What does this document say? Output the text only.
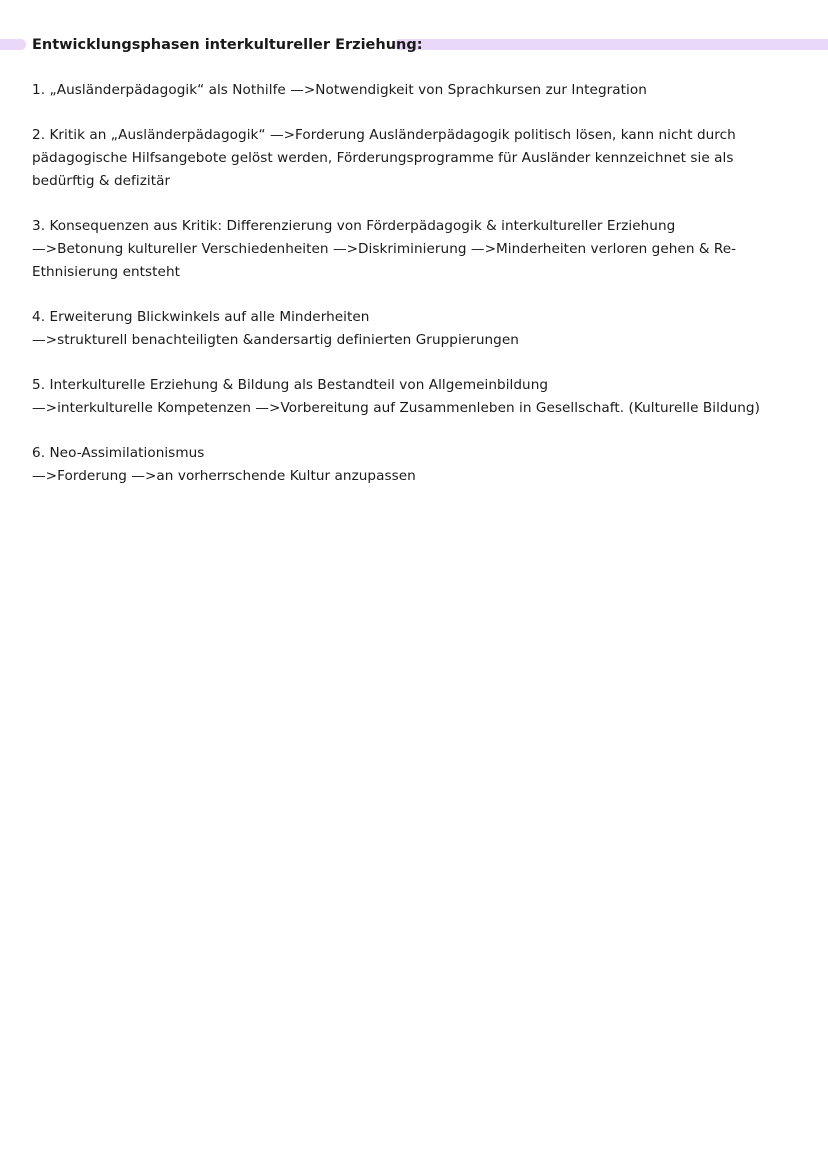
Entwicklungsphasen interkultureller Erziehung:
1. „Ausländerpädagogik“ als Nothilfe —>Notwendigkeit von Sprachkursen zur Integration
2. Kritik an „Ausländerpädagogik“ —>Forderung Ausländerpädagogik politisch lösen, kann nicht durch
pädagogische Hilfsangebote gelöst werden, Förderungsprogramme für Ausländer kennzeichnet sie als
bedürftig & defizitär
3. Konsequenzen aus Kritik: Differenzierung von Förderpädagogik & interkultureller Erziehung
—>Betonung kultureller Verschiedenheiten —>Diskriminierung —>Minderheiten verloren gehen & Re-
Ethnisierung entsteht
4. Erweiterung Blickwinkels auf alle Minderheiten
—>strukturell benachteiligten &andersartig definierten Gruppierungen
5. Interkulturelle Erziehung & Bildung als Bestandteil von Allgemeinbildung
—>interkulturelle Kompetenzen —>Vorbereitung auf Zusammenleben in Gesellschaft. (Kulturelle Bildung)
6. Neo-Assimilationismus
—>Forderung —>an vorherrschende Kultur anzupassen
